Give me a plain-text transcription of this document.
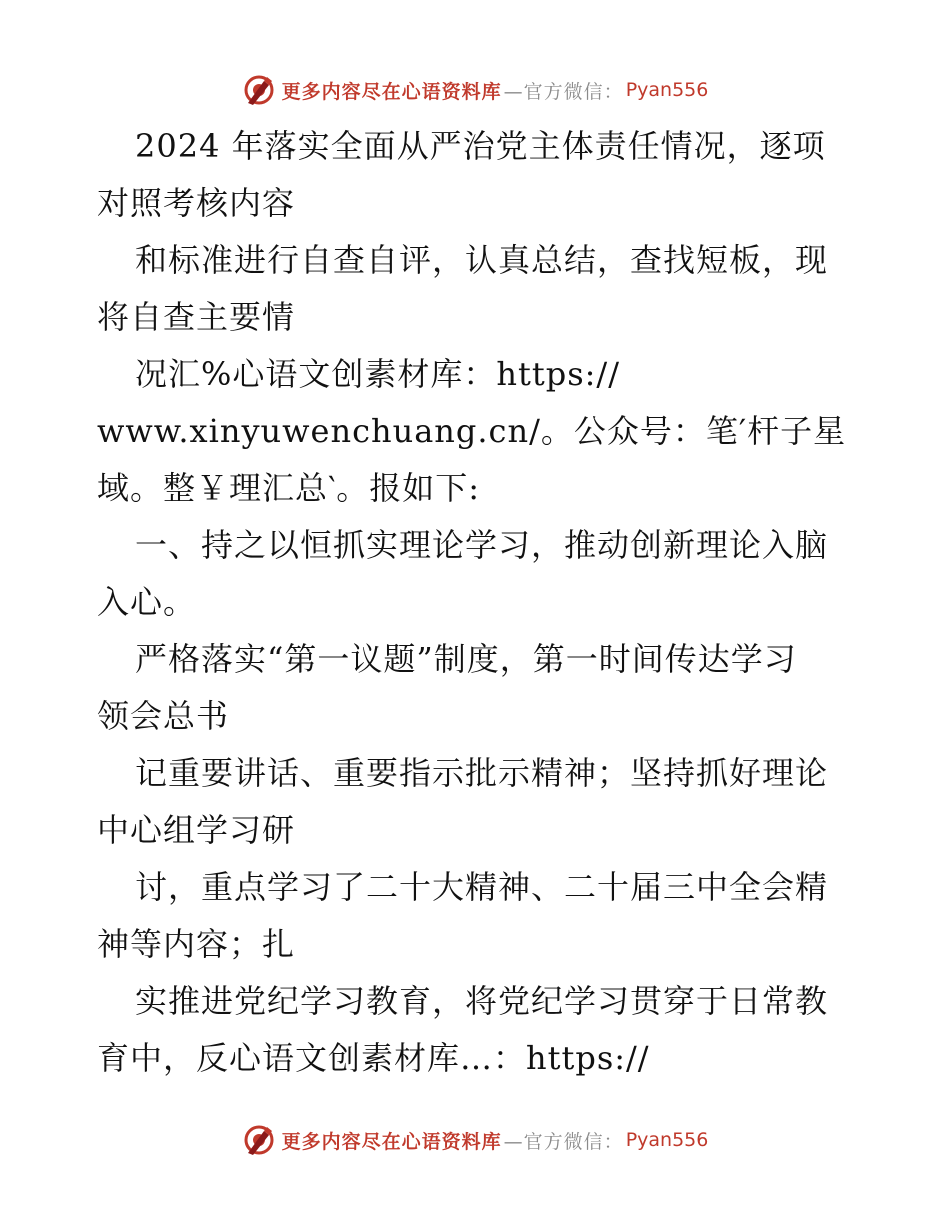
更多内容尽在心语资料库 —官方微信： Pyan556
2024 年落实全面从严治党主体责任情况，逐项
对照考核内容
和标准进行自查自评，认真总结，查找短板，现
将自查主要情
况汇%心语文创素材库：https://
www.xinyuwenchuang.cn/。公众号：笔′杆子星
域。整￥理汇总‵。报如下:
一、持之以恒抓实理论学习，推动创新理论入脑
入心。
严格落实“第一议题”制度，第一时间传达学习
领会总书
记重要讲话、重要指示批示精神；坚持抓好理论
中心组学习研
讨，重点学习了二十大精神、二十届三中全会精
神等内容；扎
实推进党纪学习教育，将党纪学习贯穿于日常教
育中，反心语文创素材库…：https://
更多内容尽在心语资料库 —官方微信： Pyan556
